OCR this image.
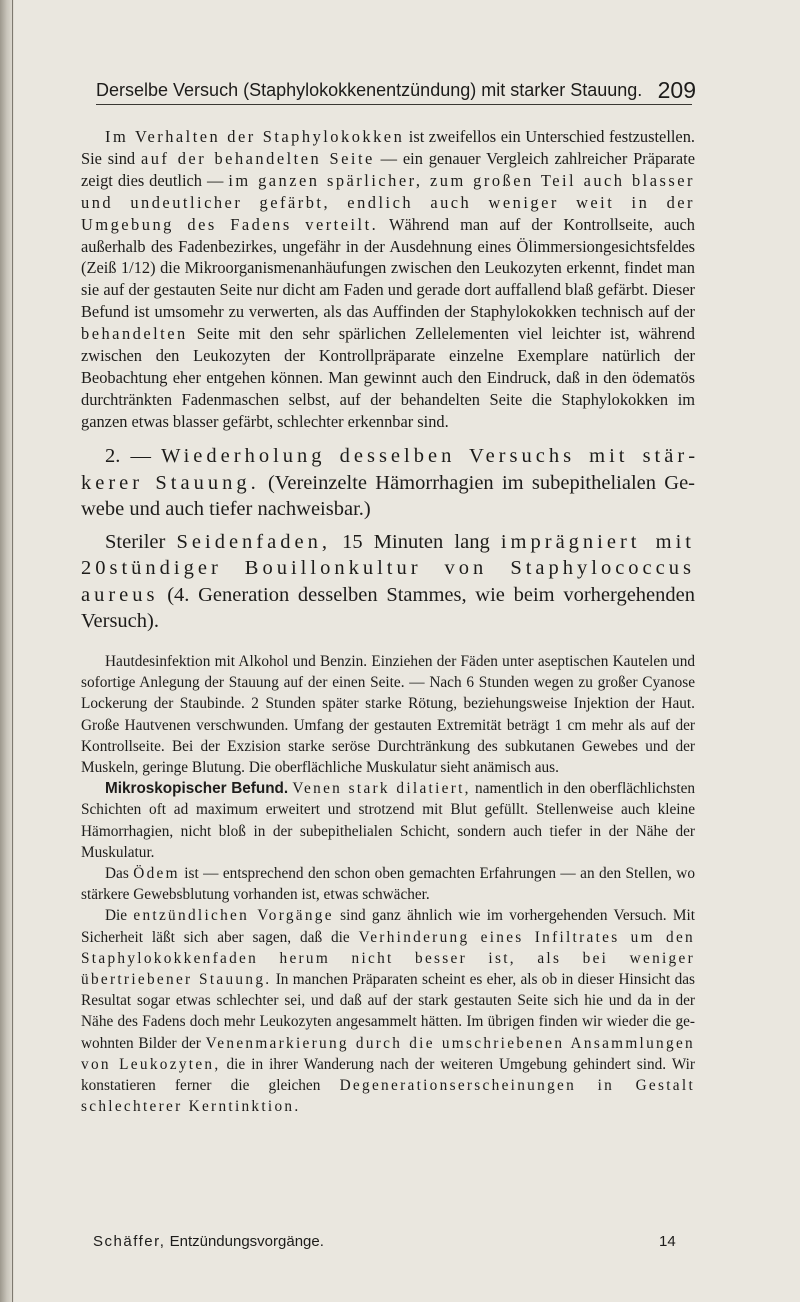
Derselbe Versuch (Staphylokokkenentzündung) mit starker Stauung. 209

Im Verhalten der Staphylokokken ist zweifellos ein Unterschied festzustellen. Sie sind auf der behandelten Seite — ein genauer Vergleich zahlreicher Präparate zeigt dies deutlich — im ganzen spärlicher, zum großen Teil auch blasser und undeutlicher gefärbt, endlich auch weniger weit in der Umgebung des Fadens verteilt. Während man auf der Kontrollseite, auch außerhalb des Fadenbezirkes, ungefähr in der Ausdehnung eines Ölimmersiongesichtsfeldes (Zeiß 1/12) die Mikroorganismenanhäufungen zwischen den Leukozyten erkennt, findet man sie auf der gestauten Seite nur dicht am Faden und gerade dort auffallend blaß gefärbt. Dieser Befund ist umsomehr zu verwerten, als das Auffinden der Staphylokokken technisch auf der behandelten Seite mit den sehr spärlichen Zellelementen viel leichter ist, während zwischen den Leukozyten der Kontrollpräparate einzelne Exemplare natürlich der Beobachtung eher entgehen können. Man gewinnt auch den Eindruck, daß in den ödematös durchtränkten Fadenmaschen selbst, auf der behandelten Seite die Staphylokokken im ganzen etwas blasser gefärbt, schlechter erkennbar sind.

2. — Wiederholung desselben Versuchs mit stärkerer Stauung. (Vereinzelte Hämorrhagien im subepithelialen Gewebe und auch tiefer nachweisbar.)

Steriler Seidenfaden, 15 Minuten lang imprägniert mit 20stündiger Bouillonkultur von Staphylococcus aureus (4. Generation desselben Stammes, wie beim vorhergehenden Versuch).

Hautdesinfektion mit Alkohol und Benzin. Einziehen der Fäden unter aseptischen Kautelen und sofortige Anlegung der Stauung auf der einen Seite. — Nach 6 Stunden wegen zu großer Cyanose Lockerung der Staubinde. 2 Stunden später starke Rötung, beziehungsweise Injektion der Haut. Große Hautvenen verschwunden. Umfang der gestauten Extremität beträgt 1 cm mehr als auf der Kontrollseite. Bei der Exzision starke seröse Durchtränkung des subkutanen Gewebes und der Muskeln, geringe Blutung. Die oberflächliche Muskulatur sieht anämisch aus.

Mikroskopischer Befund. Venen stark dilatiert, namentlich in den oberflächlichsten Schichten oft ad maximum erweitert und strotzend mit Blut gefüllt. Stellenweise auch kleine Hämorrhagien, nicht bloß in der subepithelialen Schicht, sondern auch tiefer in der Nähe der Muskulatur.

Das Ödem ist — entsprechend den schon oben gemachten Erfahrungen — an den Stellen, wo stärkere Gewebsblutung vorhanden ist, etwas schwächer.

Die entzündlichen Vorgänge sind ganz ähnlich wie im vorhergehenden Versuch. Mit Sicherheit läßt sich aber sagen, daß die Verhinderung eines Infiltrates um den Staphylokokkenfaden herum nicht besser ist, als bei weniger übertriebener Stauung. In manchen Präparaten scheint es eher, als ob in dieser Hinsicht das Resultat sogar etwas schlechter sei, und daß auf der stark gestauten Seite sich hie und da in der Nähe des Fadens doch mehr Leukozyten angesammelt hätten. Im übrigen finden wir wieder die gewohnten Bilder der Venenmarkierung durch die umschriebenen Ansammlungen von Leukozyten, die in ihrer Wanderung nach der weiteren Umgebung gehindert sind. Wir konstatieren ferner die gleichen Degenerationserscheinungen in Gestalt schlechterer Kerntinktion.

Schäffer, Entzündungsvorgänge.	14
